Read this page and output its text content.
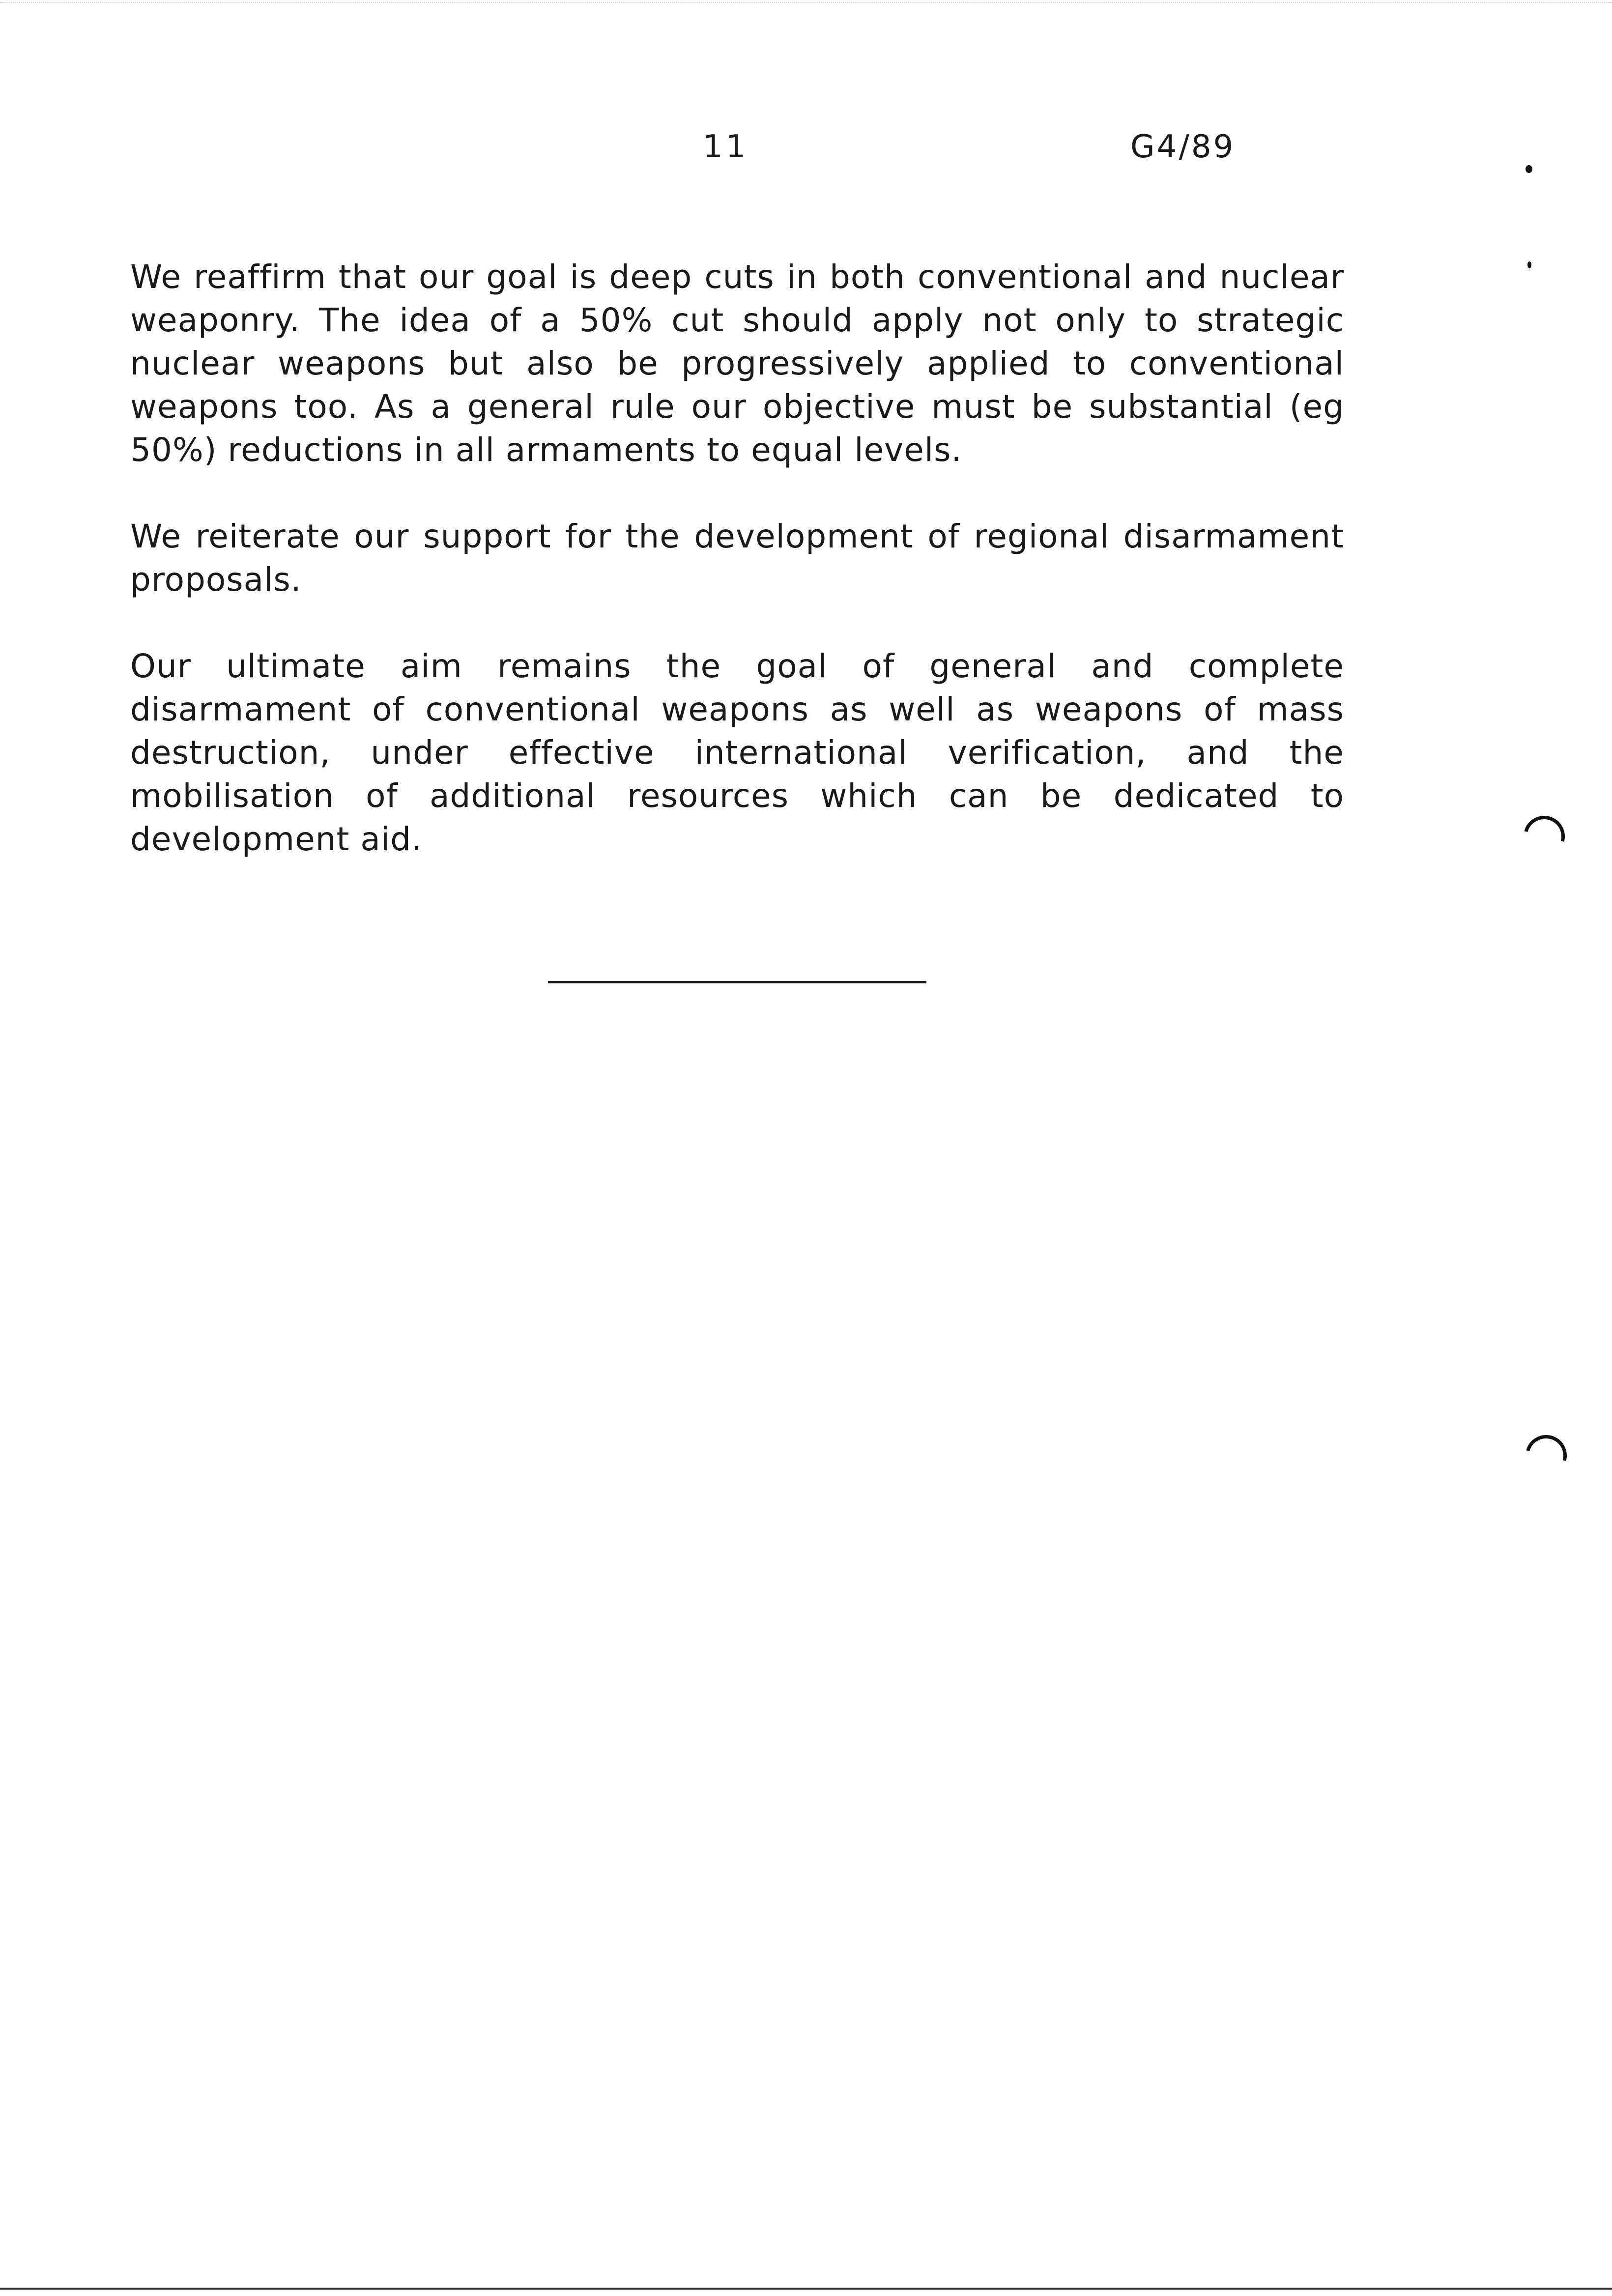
11	G4/89

We reaffirm that our goal is deep cuts in both conventional and nuclear weaponry. The idea of a 50% cut should apply not only to strategic nuclear weapons but also be progressively applied to conventional weapons too. As a general rule our objective must be substantial (eg 50%) reductions in all armaments to equal levels.

We reiterate our support for the development of regional disarmament proposals.

Our ultimate aim remains the goal of general and complete disarmament of conventional weapons as well as weapons of mass destruction, under effective international verification, and the mobilisation of additional resources which can be dedicated to development aid.
